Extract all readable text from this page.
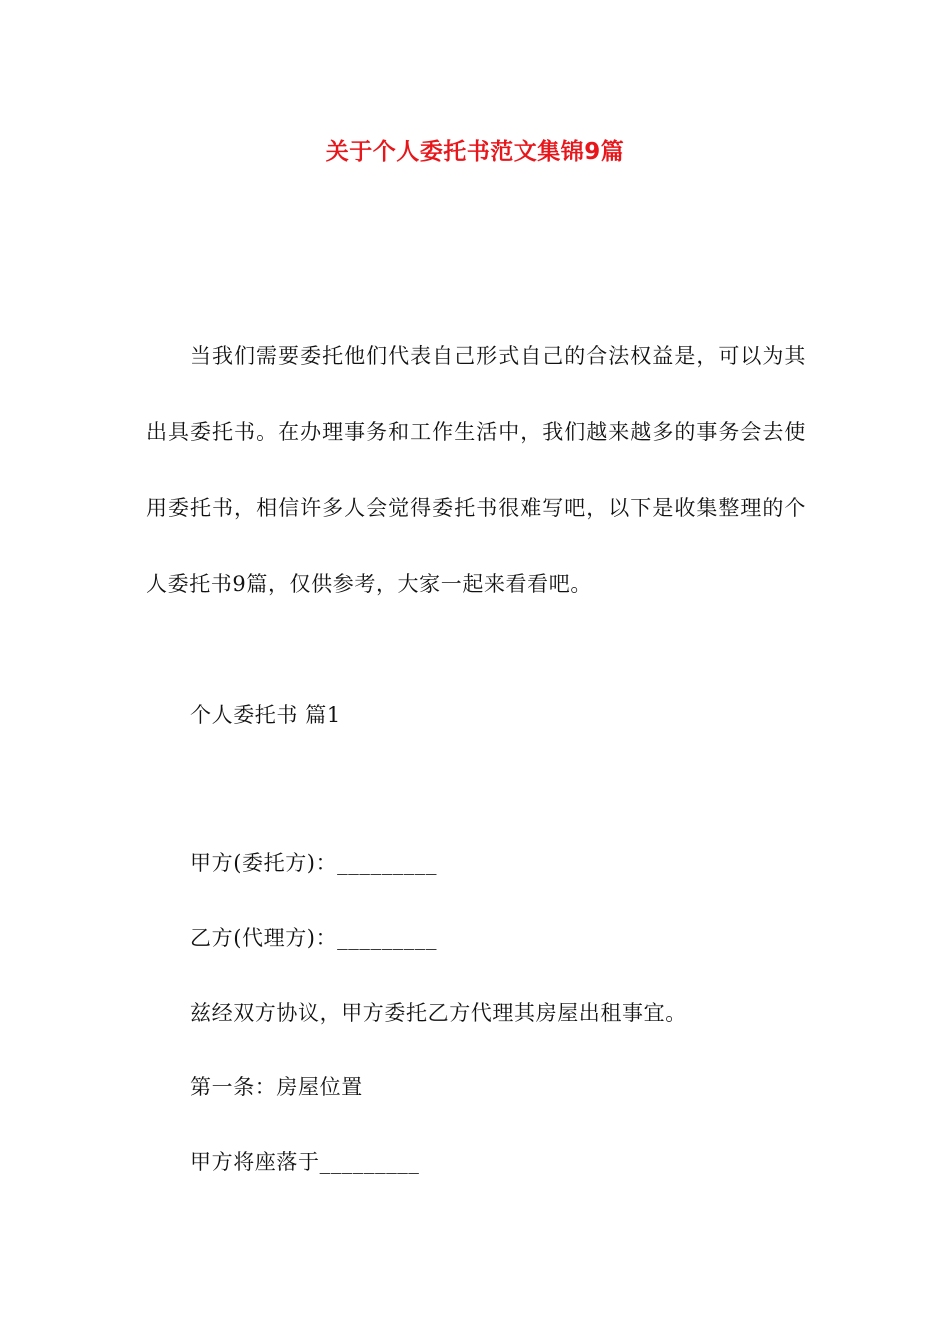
关于个人委托书范文集锦9篇

当我们需要委托他们代表自己形式自己的合法权益是，可以为其出具委托书。在办理事务和工作生活中，我们越来越多的事务会去使用委托书，相信许多人会觉得委托书很难写吧，以下是收集整理的个人委托书9篇，仅供参考，大家一起来看看吧。

个人委托书 篇1

甲方(委托方)：_________

乙方(代理方)：_________

兹经双方协议，甲方委托乙方代理其房屋出租事宜。

第一条：房屋位置

甲方将座落于_________
